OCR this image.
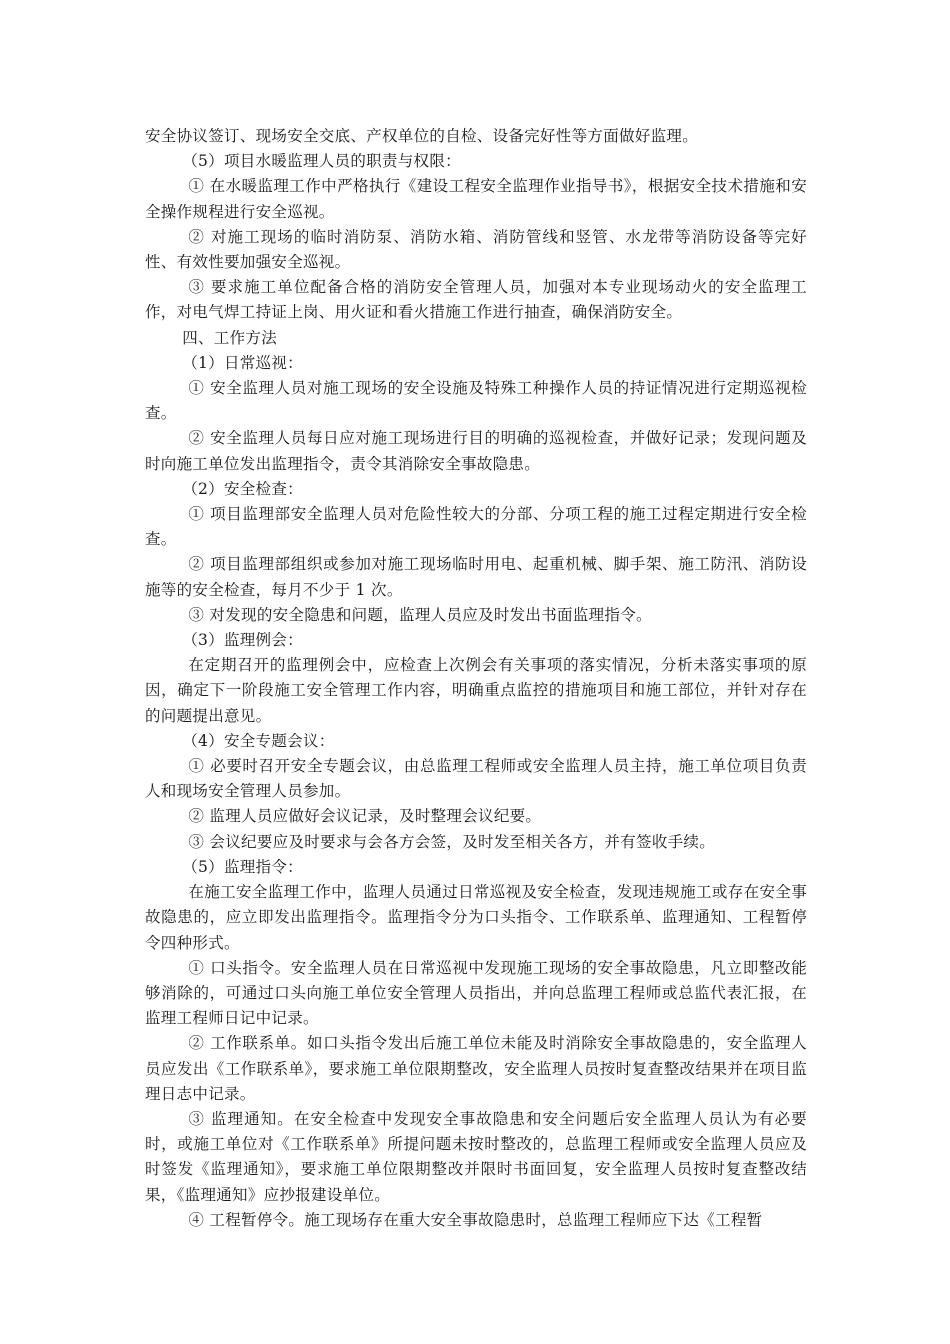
安全协议签订、现场安全交底、产权单位的自检、设备完好性等方面做好监理。

（5）项目水暖监理人员的职责与权限：

① 在水暖监理工作中严格执行《建设工程安全监理作业指导书》，根据安全技术措施和安全操作规程进行安全巡视。

② 对施工现场的临时消防泵、消防水箱、消防管线和竖管、水龙带等消防设备等完好性、有效性要加强安全巡视。

③ 要求施工单位配备合格的消防安全管理人员，加强对本专业现场动火的安全监理工作，对电气焊工持证上岗、用火证和看火措施工作进行抽查，确保消防安全。

四、工作方法

（1）日常巡视：

① 安全监理人员对施工现场的安全设施及特殊工种操作人员的持证情况进行定期巡视检查。

② 安全监理人员每日应对施工现场进行目的明确的巡视检查，并做好记录；发现问题及时向施工单位发出监理指令，责令其消除安全事故隐患。

（2）安全检查：

① 项目监理部安全监理人员对危险性较大的分部、分项工程的施工过程定期进行安全检查。

② 项目监理部组织或参加对施工现场临时用电、起重机械、脚手架、施工防汛、消防设施等的安全检查，每月不少于 1 次。

③ 对发现的安全隐患和问题，监理人员应及时发出书面监理指令。

（3）监理例会：

在定期召开的监理例会中，应检查上次例会有关事项的落实情况，分析未落实事项的原因，确定下一阶段施工安全管理工作内容，明确重点监控的措施项目和施工部位，并针对存在的问题提出意见。

（4）安全专题会议：

① 必要时召开安全专题会议，由总监理工程师或安全监理人员主持，施工单位项目负责人和现场安全管理人员参加。

② 监理人员应做好会议记录，及时整理会议纪要。

③ 会议纪要应及时要求与会各方会签，及时发至相关各方，并有签收手续。

（5）监理指令：

在施工安全监理工作中，监理人员通过日常巡视及安全检查，发现违规施工或存在安全事故隐患的，应立即发出监理指令。监理指令分为口头指令、工作联系单、监理通知、工程暂停令四种形式。

① 口头指令。安全监理人员在日常巡视中发现施工现场的安全事故隐患，凡立即整改能够消除的，可通过口头向施工单位安全管理人员指出，并向总监理工程师或总监代表汇报，在监理工程师日记中记录。

② 工作联系单。如口头指令发出后施工单位未能及时消除安全事故隐患的，安全监理人员应发出《工作联系单》，要求施工单位限期整改，安全监理人员按时复查整改结果并在项目监理日志中记录。

③ 监理通知。在安全检查中发现安全事故隐患和安全问题后安全监理人员认为有必要时，或施工单位对《工作联系单》所提问题未按时整改的，总监理工程师或安全监理人员应及时签发《监理通知》，要求施工单位限期整改并限时书面回复，安全监理人员按时复查整改结果，《监理通知》应抄报建设单位。

④ 工程暂停令。施工现场存在重大安全事故隐患时，总监理工程师应下达《工程暂
